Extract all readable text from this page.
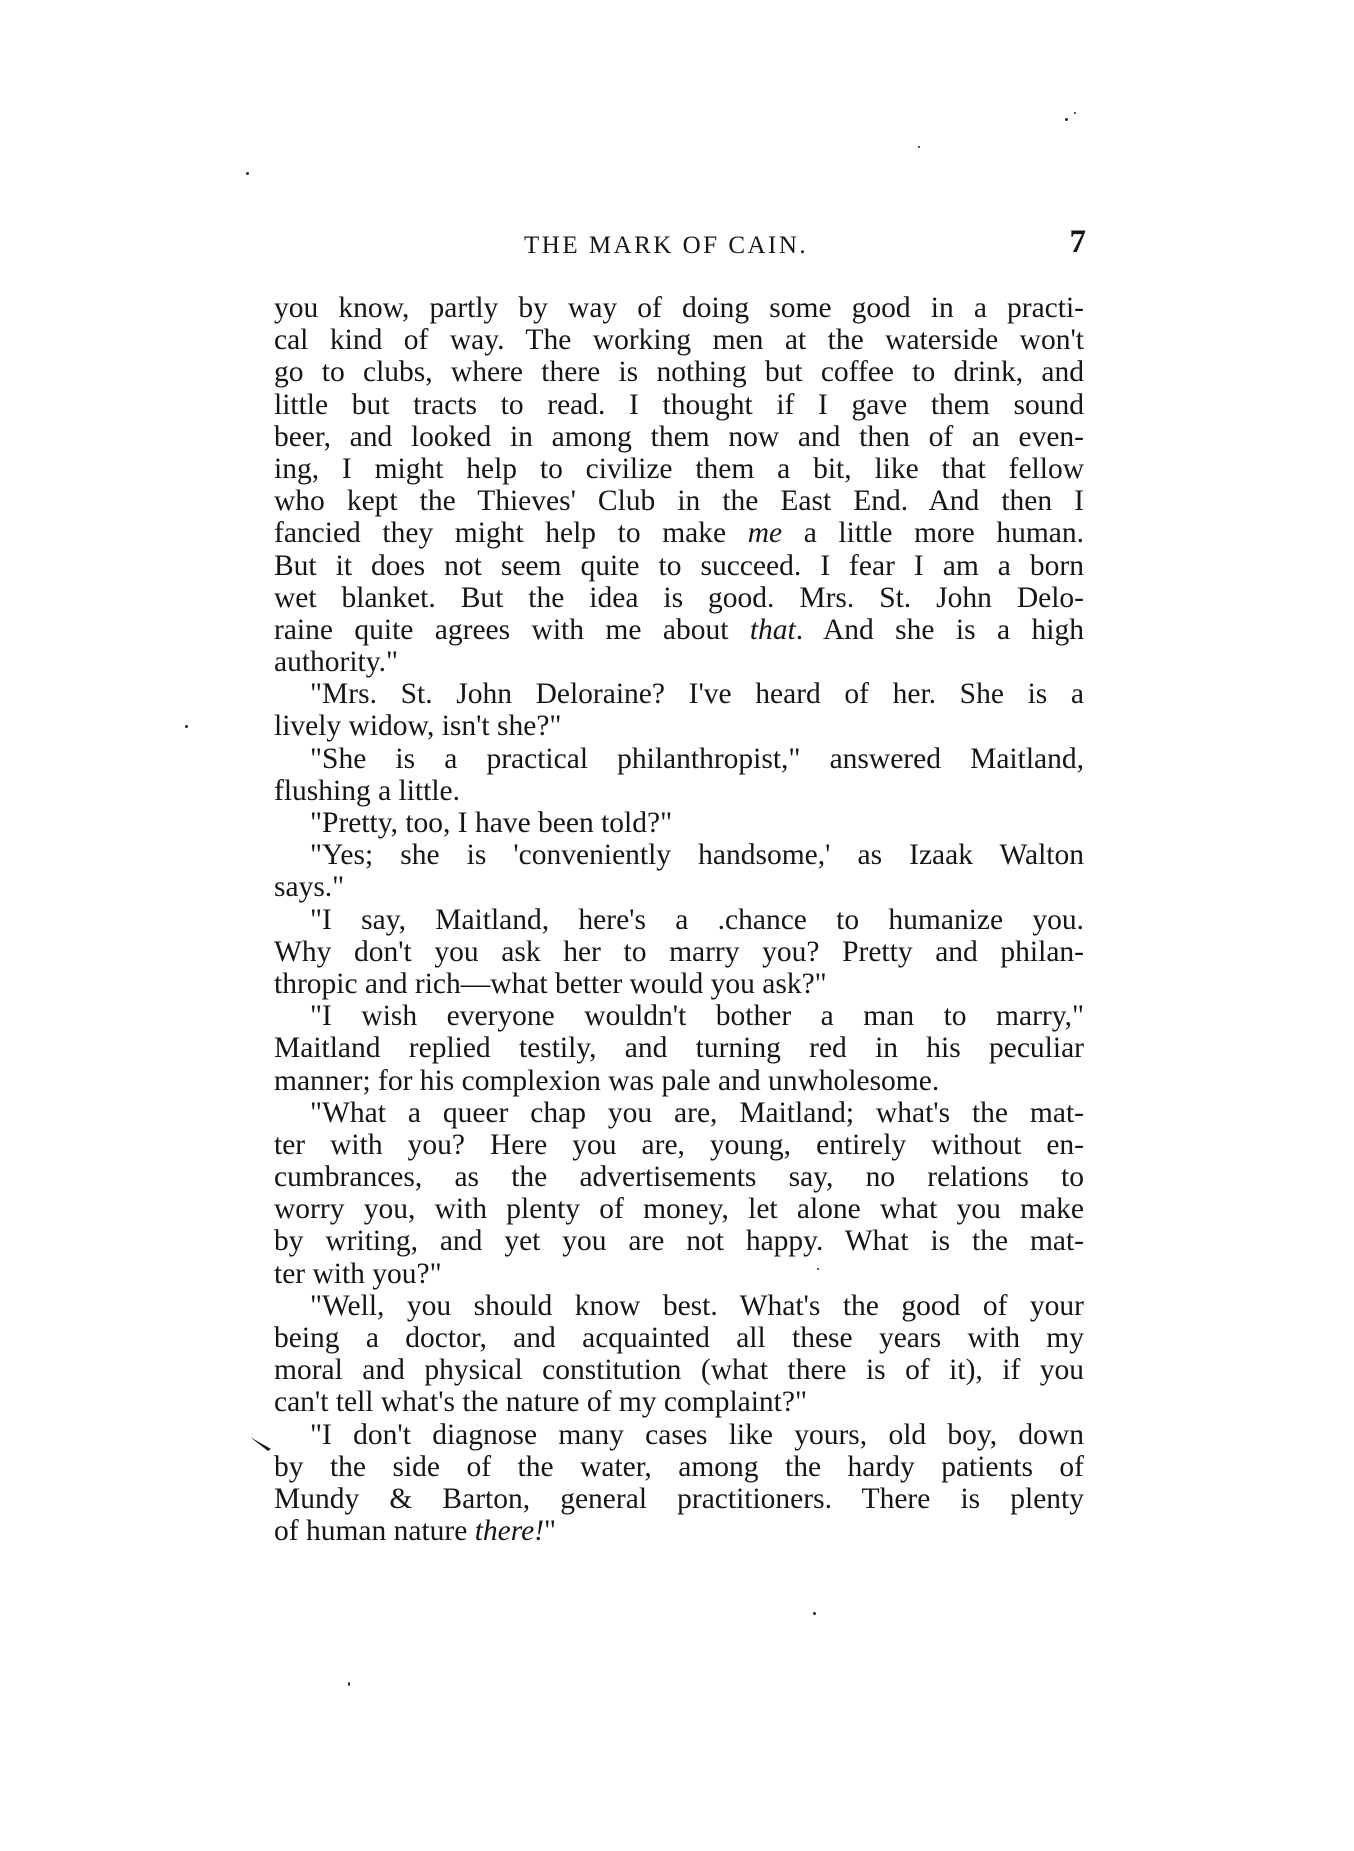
THE MARK OF CAIN.	7
you know, partly by way of doing some good in a practi-
cal kind of way. The working men at the waterside won't
go to clubs, where there is nothing but coffee to drink, and
little but tracts to read. I thought if I gave them sound
beer, and looked in among them now and then of an even-
ing, I might help to civilize them a bit, like that fellow
who kept the Thieves' Club in the East End. And then I
fancied they might help to make me a little more human.
But it does not seem quite to succeed. I fear I am a born
wet blanket. But the idea is good. Mrs. St. John Delo-
raine quite agrees with me about that. And she is a high
authority."
"Mrs. St. John Deloraine? I've heard of her. She is a
lively widow, isn't she?"
"She is a practical philanthropist," answered Maitland,
flushing a little.
"Pretty, too, I have been told?"
"Yes; she is 'conveniently handsome,' as Izaak Walton
says."
"I say, Maitland, here's a .chance to humanize you.
Why don't you ask her to marry you? Pretty and philan-
thropic and rich—what better would you ask?"
"I wish everyone wouldn't bother a man to marry,"
Maitland replied testily, and turning red in his peculiar
manner; for his complexion was pale and unwholesome.
"What a queer chap you are, Maitland; what's the mat-
ter with you? Here you are, young, entirely without en-
cumbrances, as the advertisements say, no relations to
worry you, with plenty of money, let alone what you make
by writing, and yet you are not happy. What is the mat-
ter with you?"
"Well, you should know best. What's the good of your
being a doctor, and acquainted all these years with my
moral and physical constitution (what there is of it), if you
can't tell what's the nature of my complaint?"
"I don't diagnose many cases like yours, old boy, down
by the side of the water, among the hardy patients of
Mundy & Barton, general practitioners. There is plenty
of human nature there!"
